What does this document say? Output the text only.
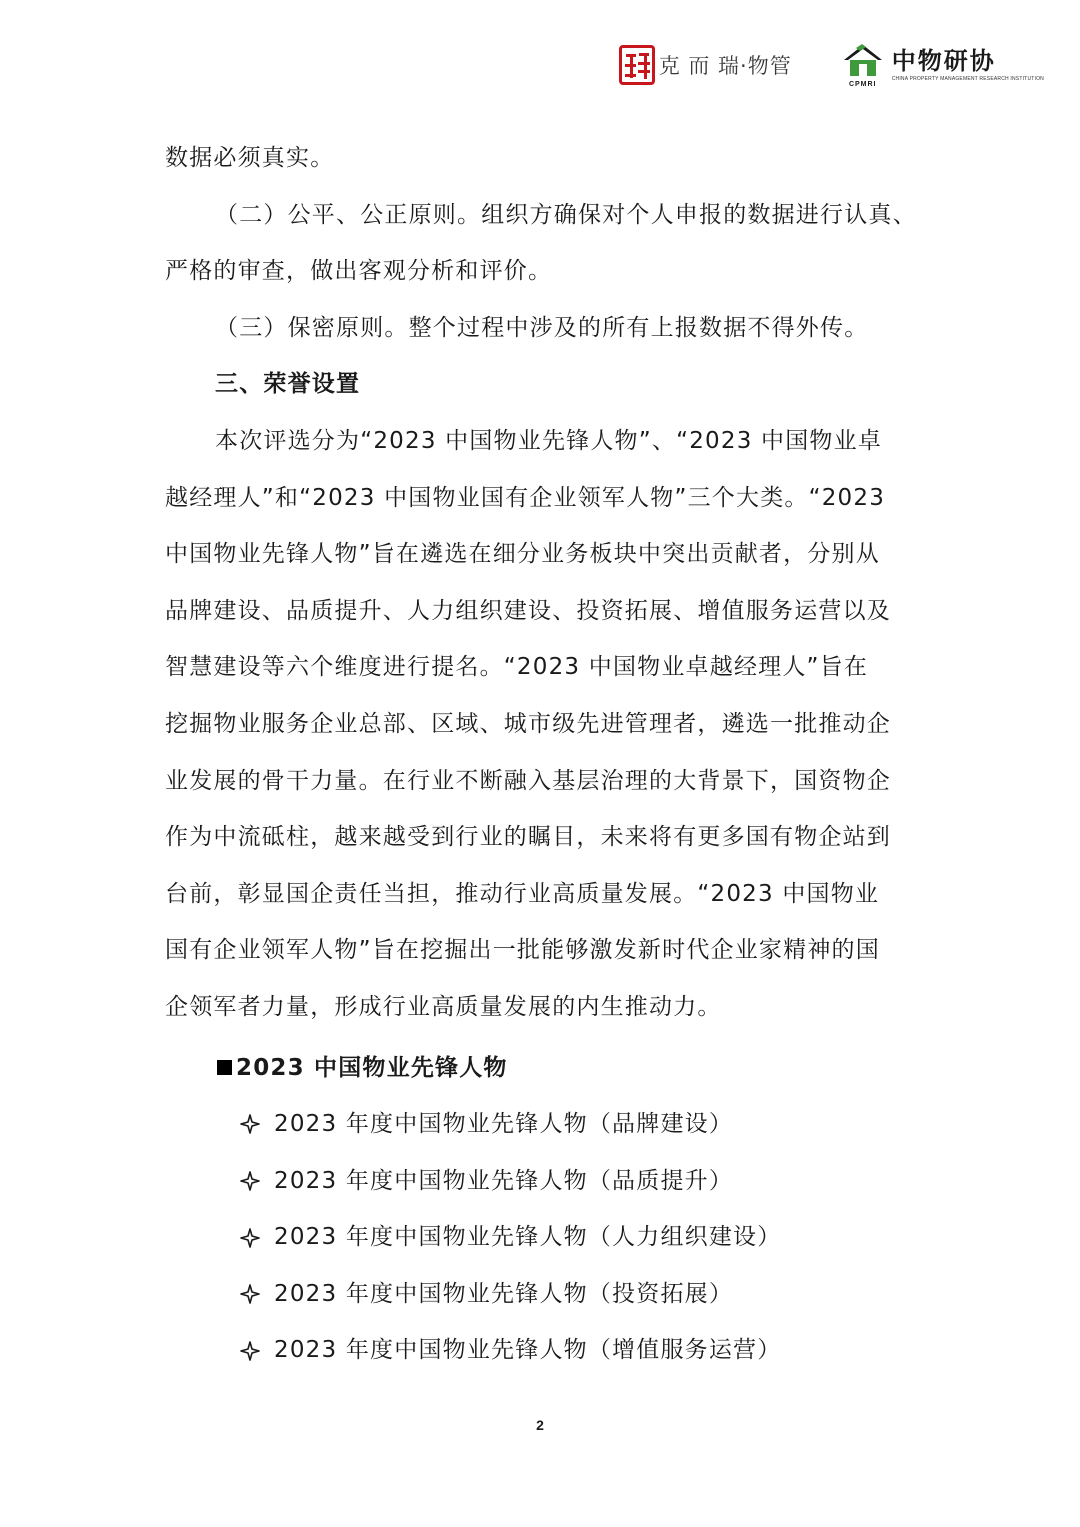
克 而 瑞·物管
CPMRI
中物研协
CHINA PROPERTY MANAGEMENT RESEARCH INSTITUTION
数据必须真实。
（二）公平、公正原则。组织方确保对个人申报的数据进行认真、
严格的审查，做出客观分析和评价。
（三）保密原则。整个过程中涉及的所有上报数据不得外传。
三、荣誉设置
本次评选分为“2023 中国物业先锋人物”、“2023 中国物业卓
越经理人”和“2023 中国物业国有企业领军人物”三个大类。“2023
中国物业先锋人物”旨在遴选在细分业务板块中突出贡献者，分别从
品牌建设、品质提升、人力组织建设、投资拓展、增值服务运营以及
智慧建设等六个维度进行提名。“2023 中国物业卓越经理人”旨在
挖掘物业服务企业总部、区域、城市级先进管理者，遴选一批推动企
业发展的骨干力量。在行业不断融入基层治理的大背景下，国资物企
作为中流砥柱，越来越受到行业的瞩目，未来将有更多国有物企站到
台前，彰显国企责任当担，推动行业高质量发展。“2023 中国物业
国有企业领军人物”旨在挖掘出一批能够激发新时代企业家精神的国
企领军者力量，形成行业高质量发展的内生推动力。
2023 中国物业先锋人物
2023 年度中国物业先锋人物（品牌建设）
2023 年度中国物业先锋人物（品质提升）
2023 年度中国物业先锋人物（人力组织建设）
2023 年度中国物业先锋人物（投资拓展）
2023 年度中国物业先锋人物（增值服务运营）
2
